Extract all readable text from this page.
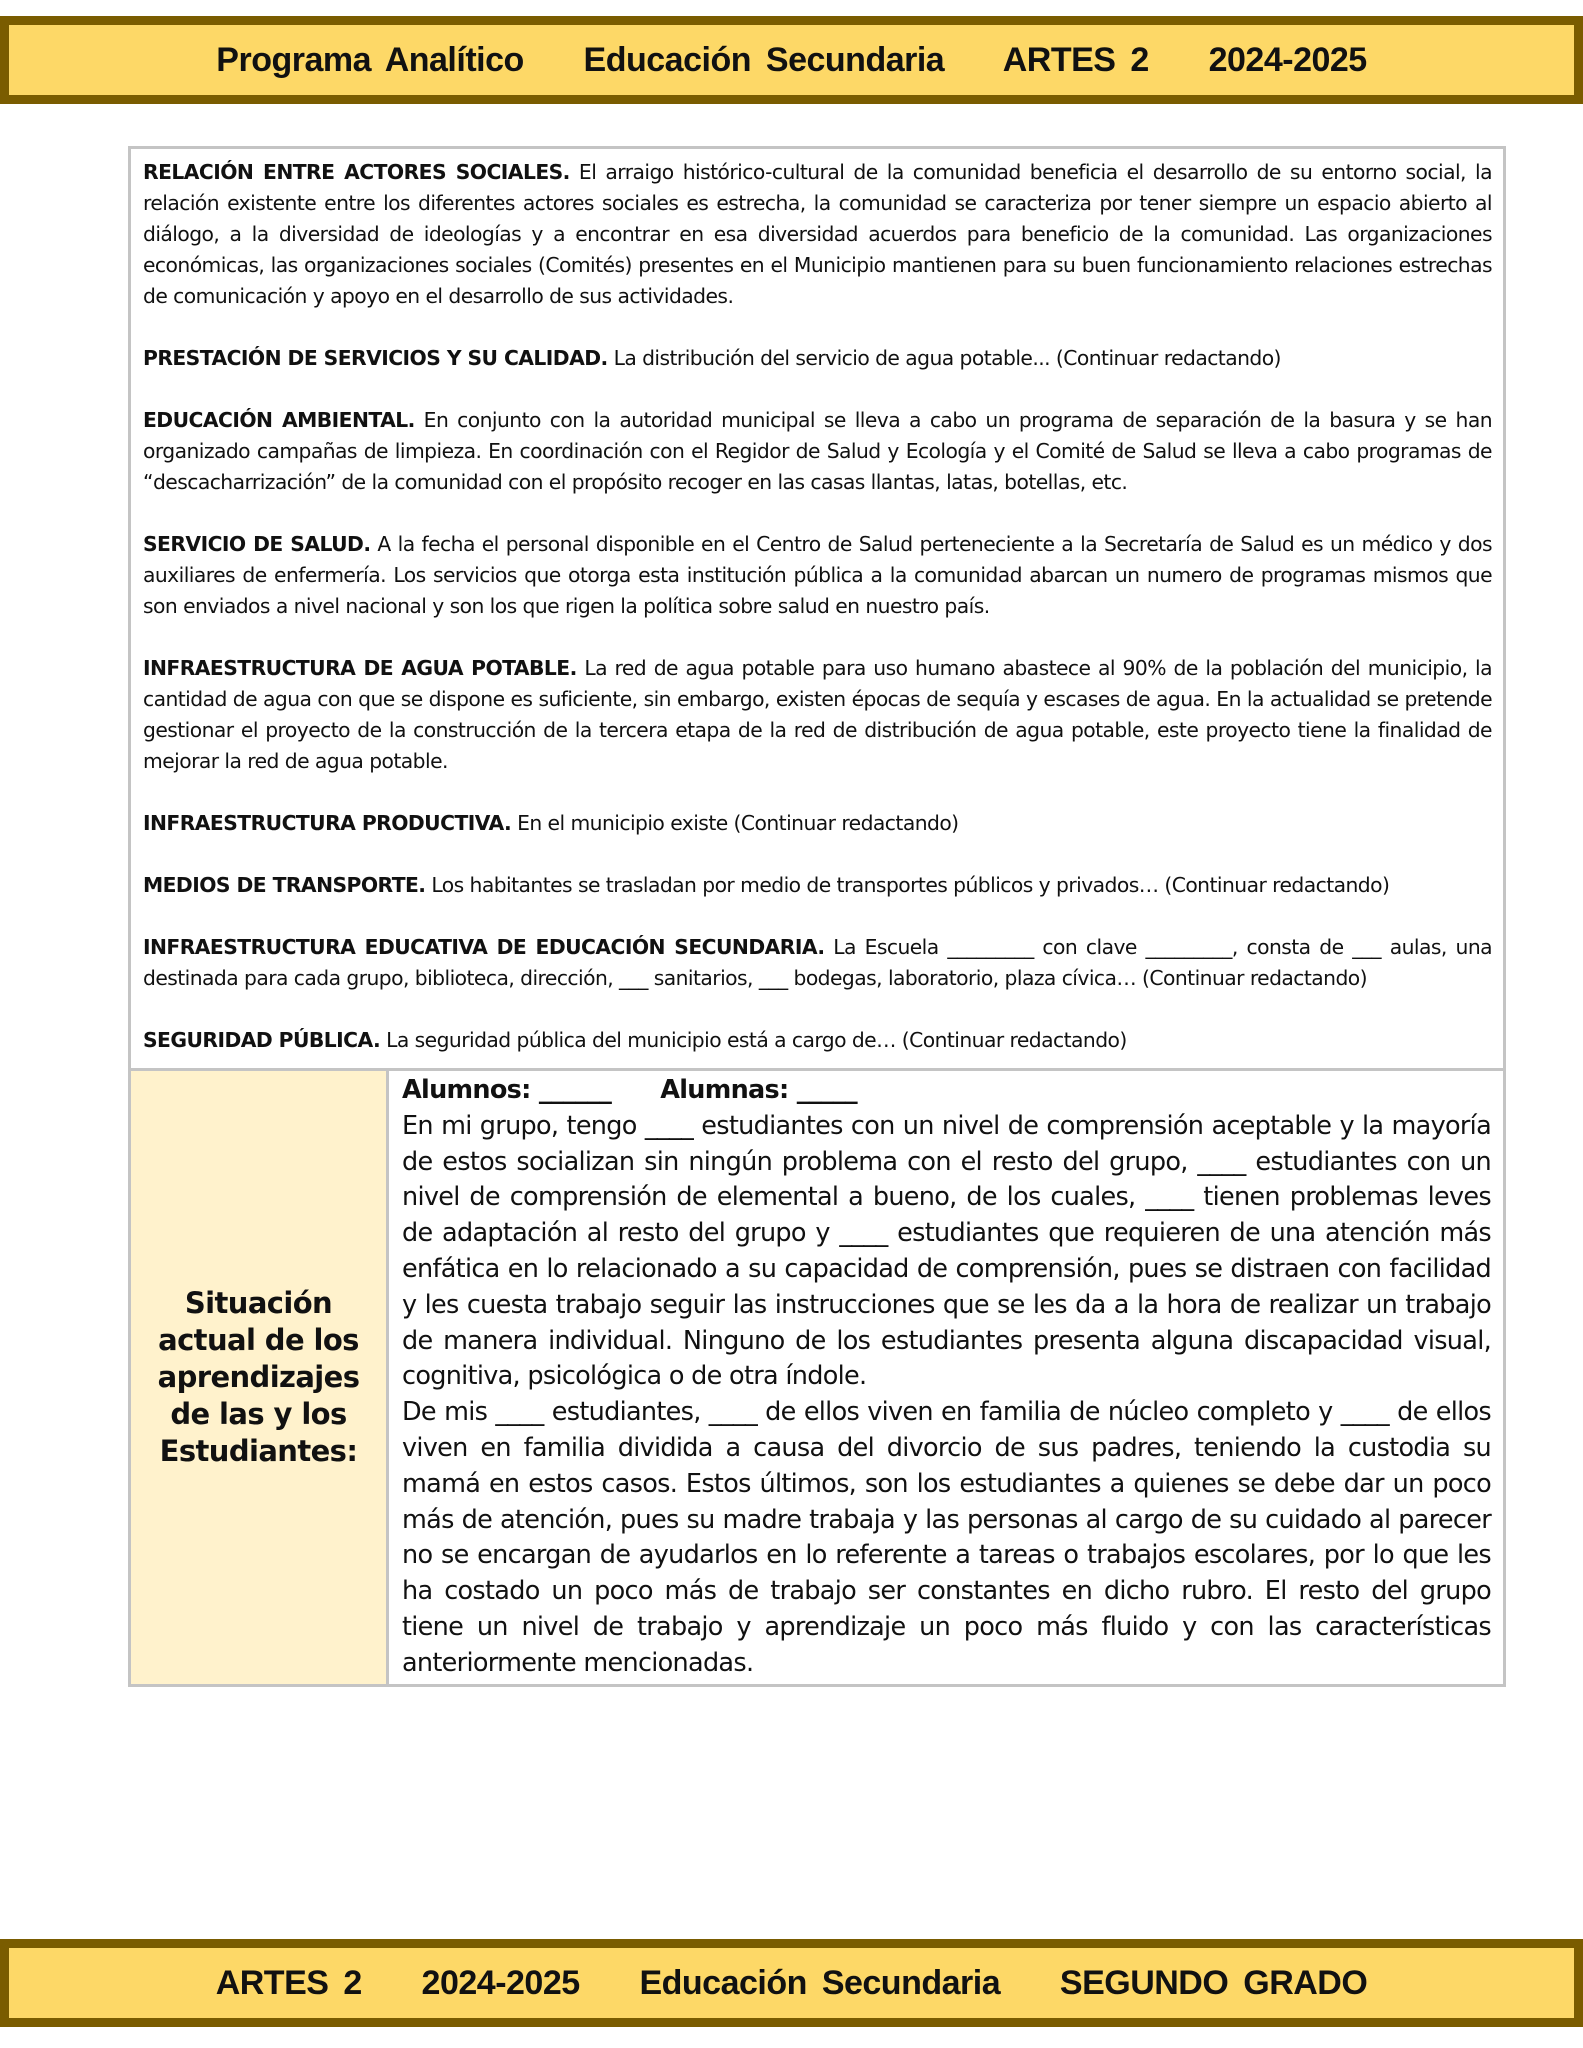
Programa Analítico    Educación Secundaria    ARTES 2    2024-2025

RELACIÓN ENTRE ACTORES SOCIALES. El arraigo histórico-cultural de la comunidad beneficia el desarrollo de su entorno social, la relación existente entre los diferentes actores sociales es estrecha, la comunidad se caracteriza por tener siempre un espacio abierto al diálogo, a la diversidad de ideologías y a encontrar en esa diversidad acuerdos para beneficio de la comunidad. Las organizaciones económicas, las organizaciones sociales (Comités) presentes en el Municipio mantienen para su buen funcionamiento relaciones estrechas de comunicación y apoyo en el desarrollo de sus actividades.

PRESTACIÓN DE SERVICIOS Y SU CALIDAD. La distribución del servicio de agua potable... (Continuar redactando)

EDUCACIÓN AMBIENTAL. En conjunto con la autoridad municipal se lleva a cabo un programa de separación de la basura y se han organizado campañas de limpieza. En coordinación con el Regidor de Salud y Ecología y el Comité de Salud se lleva a cabo programas de “descacharrización” de la comunidad con el propósito recoger en las casas llantas, latas, botellas, etc.

SERVICIO DE SALUD. A la fecha el personal disponible en el Centro de Salud perteneciente a la Secretaría de Salud es un médico y dos auxiliares de enfermería. Los servicios que otorga esta institución pública a la comunidad abarcan un numero de programas mismos que son enviados a nivel nacional y son los que rigen la política sobre salud en nuestro país.

INFRAESTRUCTURA DE AGUA POTABLE. La red de agua potable para uso humano abastece al 90% de la población del municipio, la cantidad de agua con que se dispone es suficiente, sin embargo, existen épocas de sequía y escases de agua. En la actualidad se pretende gestionar el proyecto de la construcción de la tercera etapa de la red de distribución de agua potable, este proyecto tiene la finalidad de mejorar la red de agua potable.

INFRAESTRUCTURA PRODUCTIVA. En el municipio existe (Continuar redactando)

MEDIOS DE TRANSPORTE. Los habitantes se trasladan por medio de transportes públicos y privados… (Continuar redactando)

INFRAESTRUCTURA EDUCATIVA DE EDUCACIÓN SECUNDARIA. La Escuela _________ con clave _________, consta de ___ aulas, una destinada para cada grupo, biblioteca, dirección, ___ sanitarios, ___ bodegas, laboratorio, plaza cívica… (Continuar redactando)

SEGURIDAD PÚBLICA. La seguridad pública del municipio está a cargo de… (Continuar redactando)

Situación actual de los aprendizajes de las y los Estudiantes:
Alumnos: ______      Alumnas: _____
En mi grupo, tengo ____ estudiantes con un nivel de comprensión aceptable y la mayoría de estos socializan sin ningún problema con el resto del grupo, ____ estudiantes con un nivel de comprensión de elemental a bueno, de los cuales, ____ tienen problemas leves de adaptación al resto del grupo y ____ estudiantes que requieren de una atención más enfática en lo relacionado a su capacidad de comprensión, pues se distraen con facilidad y les cuesta trabajo seguir las instrucciones que se les da a la hora de realizar un trabajo de manera individual. Ninguno de los estudiantes presenta alguna discapacidad visual, cognitiva, psicológica o de otra índole.
De mis ____ estudiantes, ____ de ellos viven en familia de núcleo completo y ____ de ellos viven en familia dividida a causa del divorcio de sus padres, teniendo la custodia su mamá en estos casos. Estos últimos, son los estudiantes a quienes se debe dar un poco más de atención, pues su madre trabaja y las personas al cargo de su cuidado al parecer no se encargan de ayudarlos en lo referente a tareas o trabajos escolares, por lo que les ha costado un poco más de trabajo ser constantes en dicho rubro. El resto del grupo tiene un nivel de trabajo y aprendizaje un poco más fluido y con las características anteriormente mencionadas.
ARTES 2    2024-2025    Educación Secundaria    SEGUNDO GRADO
